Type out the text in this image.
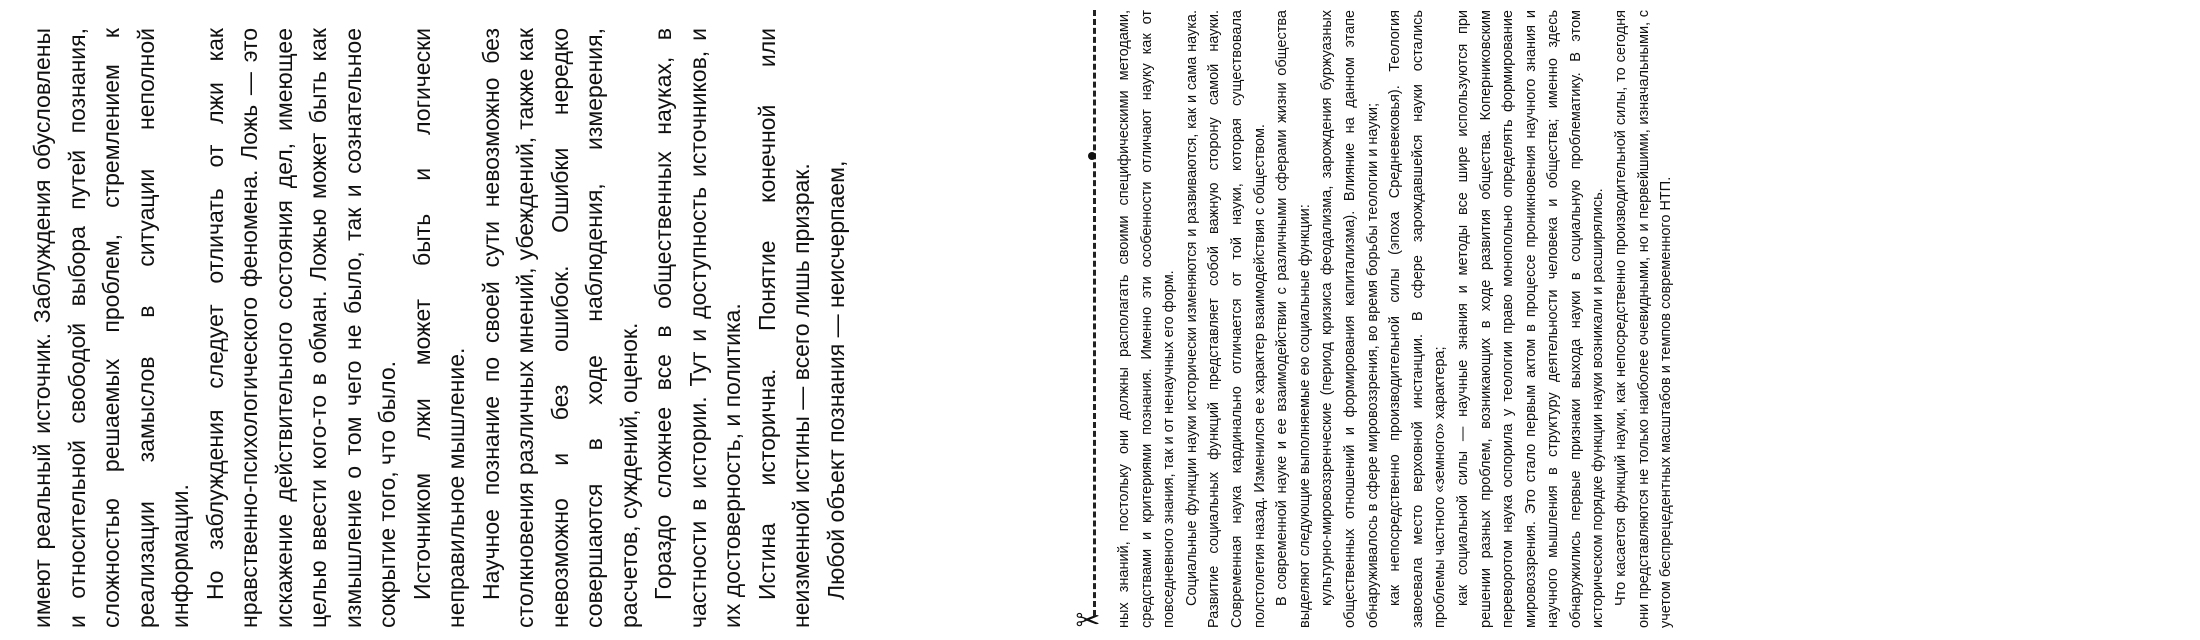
имеют реальный источник. Заблуждения обусловлены и относительной свободой выбора путей познания, сложностью решаемых проблем, стремлением к реализации замыслов в ситуации неполной информации. Но заблуждения следует отличать от лжи как нравственно-психологического феномена. Ложь — это искажение действительного состояния дел, имеющее целью ввести кого-то в обман. Ложью может быть как измышление о том чего не было, так и сознательное сокрытие того, что было. Источником лжи может быть и логически неправильное мышление. Научное познание по своей сути невозможно без столкновения различных мнений, убеждений, также как невозможно и без ошибок. Ошибки нередко совершаются в ходе наблюдения, измерения, расчетов, суждений, оценок. Гораздо сложнее все в общественных науках, в частности в истории. Тут и доступность источников, и их достоверность, и политика. Истина исторична. Понятие конечной или неизменной истины — всего лишь призрак. Любой объект познания — неисчерпаем,

✂ ных знаний, постольку они должны располагать своими специфическими методами, средствами и критериями познания. Именно эти особенности отличают науку как от повседневного знания, так и от ненаучных его форм. Социальные функции науки исторически изменяются и развиваются, как и сама наука. Развитие социальных функций представляет собой важную сторону самой науки. Современная наука кардинально отличается от той науки, которая существовала полстолетия назад. Изменился ее характер взаимодействия с обществом. В современной науке и ее взаимодействии с различными сферами жизни общества выделяют следующие выполняемые ею социальные функции: культурно-мировоззренческие (период кризиса феодализма, зарождения буржуазных общественных отношений и формирования капитализма). Влияние на данном этапе обнаруживалось в сфере мировоззрения, во время борьбы теологии и науки; как непосредственно производительной силы (эпоха Средневековья). Теология завоевала место верховной инстанции. В сфере зарождавшейся науки остались проблемы частного «земного» характера; как социальной силы — научные знания и методы все шире используются при решении разных проблем, возникающих в ходе развития общества. Коперниковским переворотом наука оспорила у теологии право монопольно определять формирование мировоззрения. Это стало первым актом в процессе проникновения научного знания и научного мышления в структуру деятельности человека и общества; именно здесь обнаружились первые признаки выхода науки в социальную проблематику. В этом историческом порядке функции науки возникали и расширялись. Что касается функций науки, как непосредственно производительной силы, то сегодня они представляются не только наиболее очевидными, но и первейшими, изначальными, с учетом беспрецедентных масштабов и темпов современного НТП.
